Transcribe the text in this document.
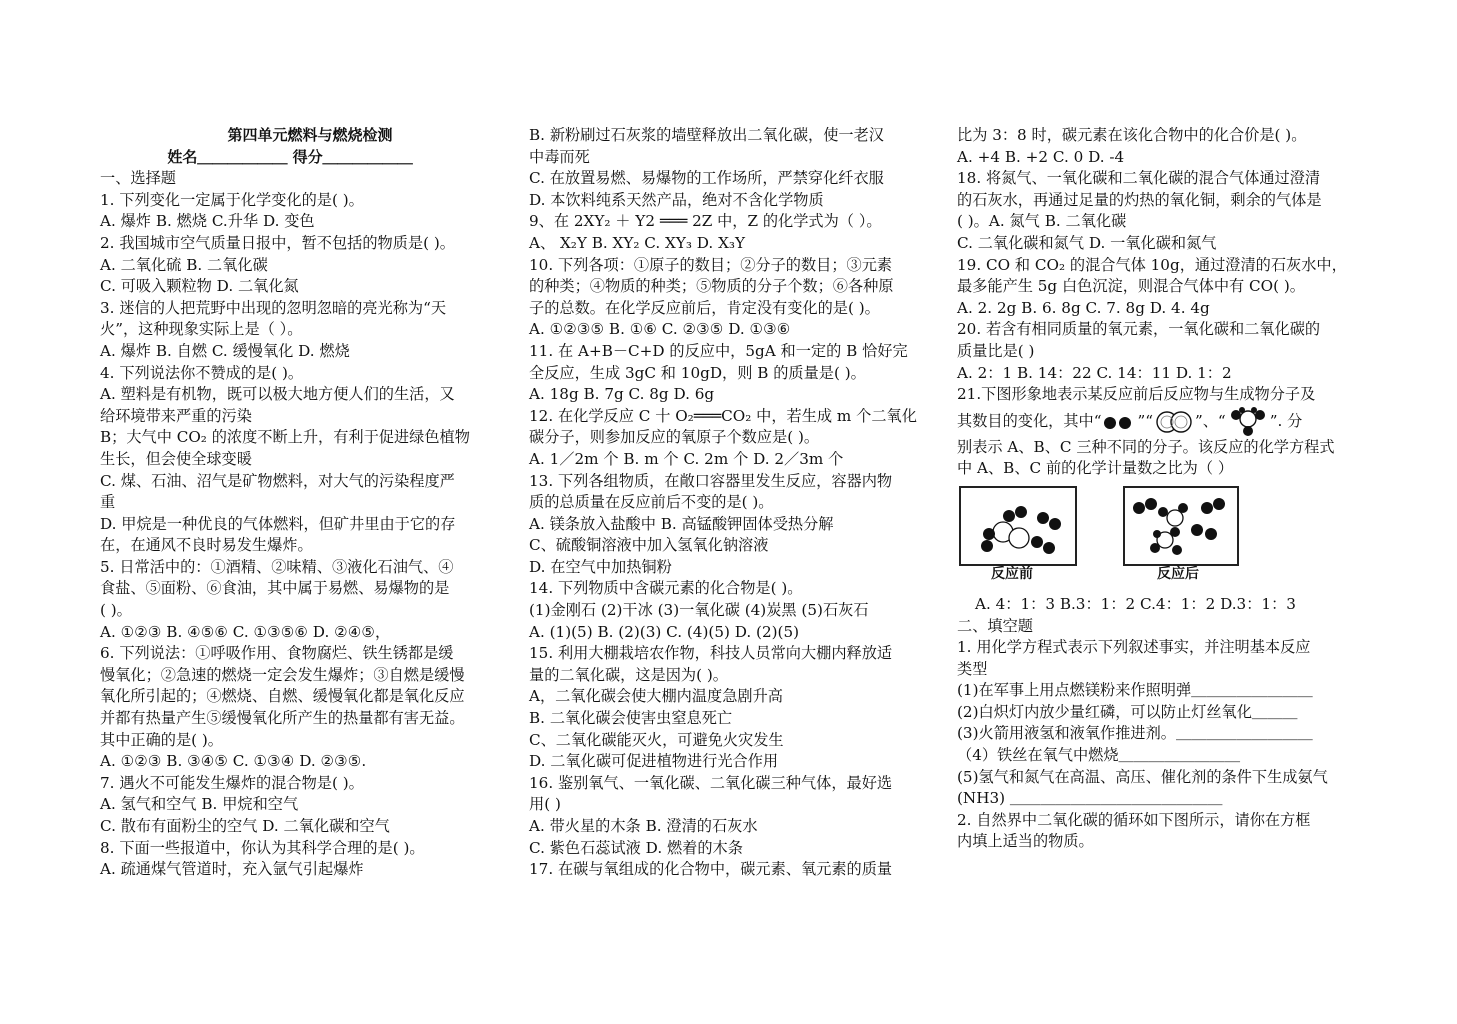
第四单元燃料与燃烧检测
姓名＿＿＿＿＿＿ 得分＿＿＿＿＿＿
一、选择题
1. 下列变化一定属于化学变化的是( )。
A. 爆炸 B. 燃烧 C.升华 D. 变色
2. 我国城市空气质量日报中，暂不包括的物质是( )。
A. 二氧化硫 B. 二氧化碳
C. 可吸入颗粒物 D. 二氧化氮
3. 迷信的人把荒野中出现的忽明忽暗的亮光称为“天
火”，这种现象实际上是（ ）。
A. 爆炸 B. 自燃 C. 缓慢氧化 D. 燃烧
4. 下列说法你不赞成的是( )。
A. 塑料是有机物，既可以极大地方便人们的生活，又
给环境带来严重的污染
B；大气中 CO₂ 的浓度不断上升，有利于促进绿色植物
生长，但会使全球变暖
C. 煤、石油、沼气是矿物燃料，对大气的污染程度严
重
D. 甲烷是一种优良的气体燃料，但矿井里由于它的存
在，在通风不良时易发生爆炸。
5. 日常活中的：①酒精、②味精、③液化石油气、④
食盐、⑤面粉、⑥食油，其中属于易燃、易爆物的是
( )。
A. ①②③ B. ④⑤⑥ C. ①③⑤⑥ D. ②④⑤，
6. 下列说法：①呼吸作用、食物腐烂、铁生锈都是缓
慢氧化；②急速的燃烧一定会发生爆炸；③自燃是缓慢
氧化所引起的；④燃烧、自燃、缓慢氧化都是氧化反应
并都有热量产生⑤缓慢氧化所产生的热量都有害无益。
其中正确的是( )。
A. ①②③ B. ③④⑤ C. ①③④ D. ②③⑤.
7. 遇火不可能发生爆炸的混合物是( )。
A. 氢气和空气 B. 甲烷和空气
C. 散布有面粉尘的空气 D. 二氧化碳和空气
8. 下面一些报道中，你认为其科学合理的是( )。
A. 疏通煤气管道时，充入氩气引起爆炸
B. 新粉刷过石灰浆的墙壁释放出二氧化碳，使一老汉
中毒而死
C. 在放置易燃、易爆物的工作场所，严禁穿化纤衣服
D. 本饮料纯系天然产品，绝对不含化学物质
9、在 2XY₂ ＋ Y2 ═══ 2Z 中，Z 的化学式为（ ）。
A、 X₂Y B. XY₂ C. XY₃ D. X₃Y
10. 下列各项：①原子的数目；②分子的数目；③元素
的种类；④物质的种类；⑤物质的分子个数；⑥各种原
子的总数。在化学反应前后，肯定没有变化的是( )。
A. ①②③⑤ B. ①⑥ C. ②③⑤ D. ①③⑥
11. 在 A+B－C+D 的反应中，5gA 和一定的 B 恰好完
全反应，生成 3gC 和 10gD，则 B 的质量是( )。
A. 18g B. 7g C. 8g D. 6g
12. 在化学反应 C 十 O₂═══CO₂ 中，若生成 m 个二氧化
碳分子，则参加反应的氧原子个数应是( )。
A. 1／2m 个 B. m 个 C. 2m 个 D. 2／3m 个
13. 下列各组物质，在敞口容器里发生反应，容器内物
质的总质量在反应前后不变的是( )。
A. 镁条放入盐酸中 B. 高锰酸钾固体受热分解
C、硫酸铜溶液中加入氢氧化钠溶液
D. 在空气中加热铜粉
14. 下列物质中含碳元素的化合物是( )。
(1)金刚石 (2)干冰 (3)一氧化碳 (4)炭黑 (5)石灰石
A. (1)(5) B. (2)(3) C. (4)(5) D. (2)(5)
15. 利用大棚栽培农作物，科技人员常向大棚内释放适
量的二氧化碳，这是因为( )。
A，二氧化碳会使大棚内温度急剧升高
B. 二氧化碳会使害虫窒息死亡
C、二氧化碳能灭火，可避免火灾发生
D. 二氧化碳可促进植物进行光合作用
16. 鉴别氧气、一氧化碳、二氧化碳三种气体，最好选
用( )
A. 带火星的木条 B. 澄清的石灰水
C. 紫色石蕊试液 D. 燃着的木条
17. 在碳与氧组成的化合物中，碳元素、氧元素的质量
比为 3：8 时，碳元素在该化合物中的化合价是( )。
A. +4 B. +2 C. 0 D. -4
18. 将氮气、一氧化碳和二氧化碳的混合气体通过澄清
的石灰水，再通过足量的灼热的氧化铜，剩余的气体是
( )。A. 氮气 B. 二氧化碳
C. 二氧化碳和氮气 D. 一氧化碳和氮气
19. CO 和 CO₂ 的混合气体 10g，通过澄清的石灰水中，
最多能产生 5g 白色沉淀，则混合气体中有 CO( )。
A. 2. 2g B. 6. 8g C. 7. 8g D. 4. 4g
20. 若含有相同质量的氧元素，一氧化碳和二氧化碳的
质量比是( )
A. 2：1 B. 14：22 C. 14：11 D. 1：2
21.下图形象地表示某反应前后反应物与生成物分子及
其数目的变化，其中“ ”“	”、“	”. 分
别表示 A、B、C 三种不同的分子。该反应的化学方程式
中 A、B、C 前的化学计量数之比为（ ）
反应前	反应后
A. 4：1：3 B.3：1：2 C.4：1：2 D.3：1：3
二、填空题
1. 用化学方程式表示下列叙述事实，并注明基本反应
类型
(1)在军事上用点燃镁粉来作照明弹＿＿＿＿＿＿＿＿
(2)白炽灯内放少量红磷，可以防止灯丝氧化＿＿＿
(3)火箭用液氢和液氧作推进剂。＿＿＿＿＿＿＿＿＿
（4）铁丝在氧气中燃烧＿＿＿＿＿＿＿＿
(5)氢气和氮气在高温、高压、催化剂的条件下生成氨气
(NH3) ＿＿＿＿＿＿＿＿＿＿＿＿＿＿
2. 自然界中二氧化碳的循环如下图所示，请你在方框
内填上适当的物质。
